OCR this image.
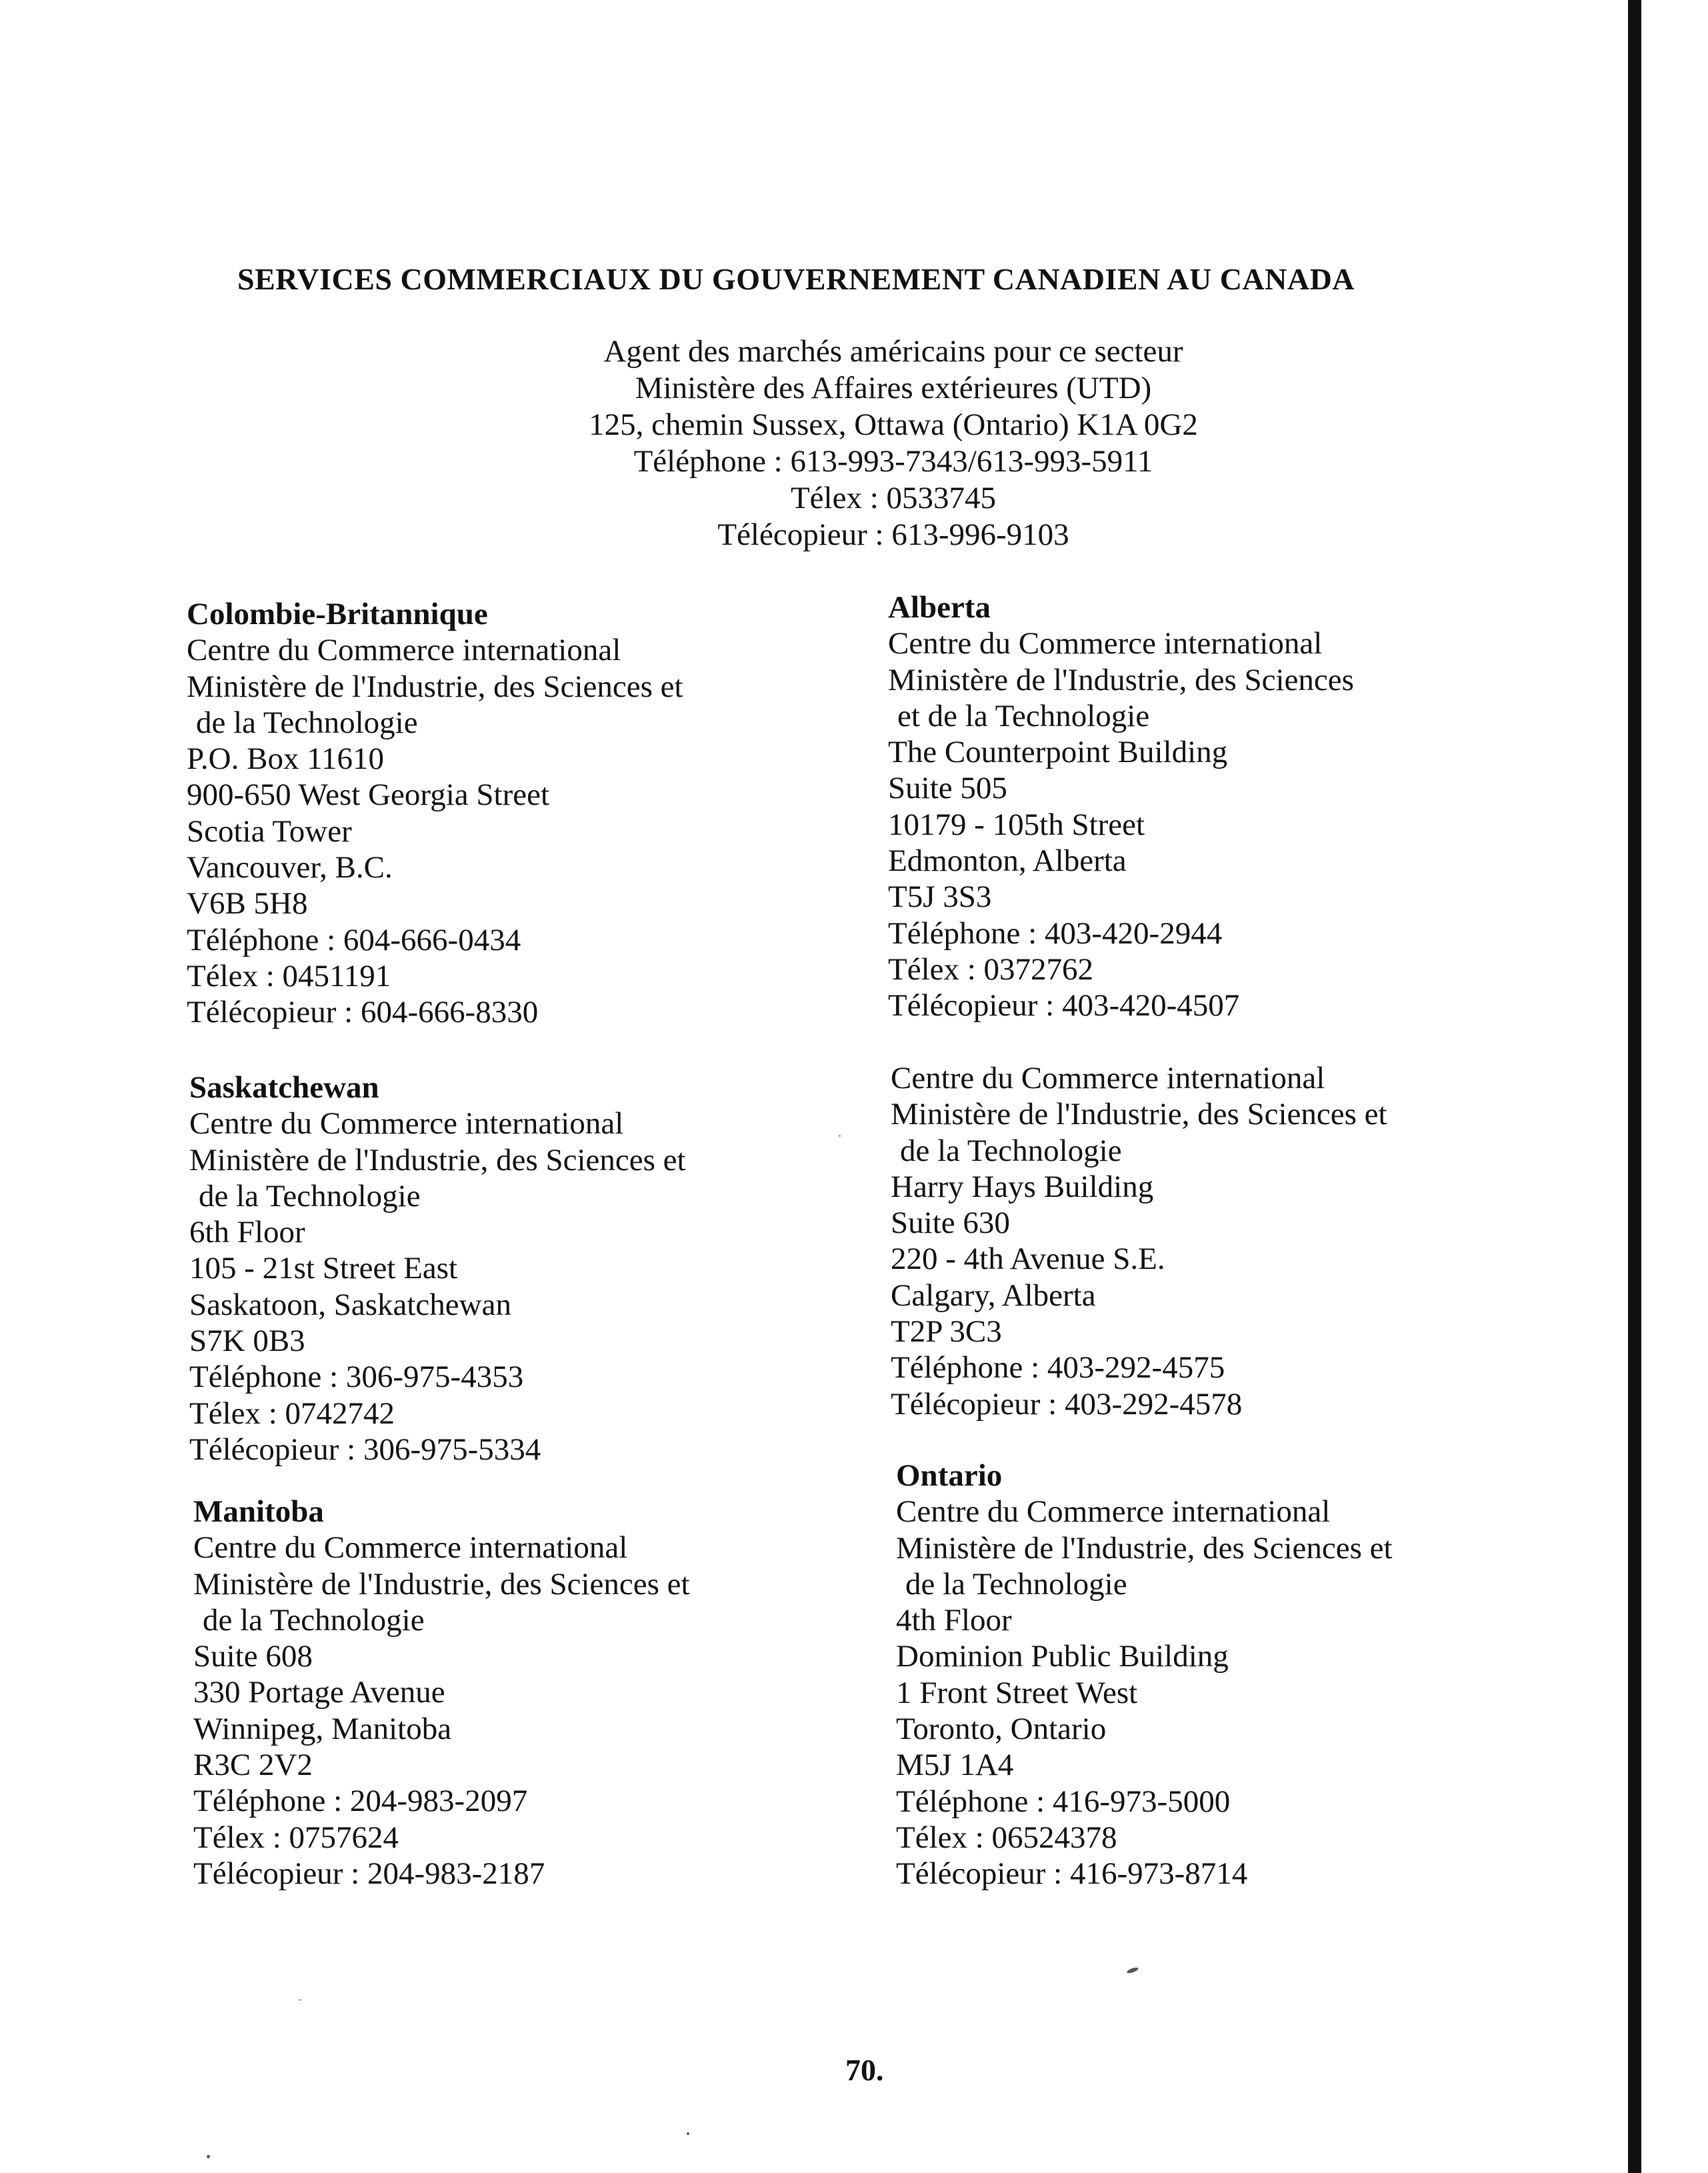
SERVICES COMMERCIAUX DU GOUVERNEMENT CANADIEN AU CANADA
Agent des marchés américains pour ce secteur
Ministère des Affaires extérieures (UTD)
125, chemin Sussex, Ottawa (Ontario) K1A 0G2
Téléphone : 613-993-7343/613-993-5911
Télex : 0533745
Télécopieur : 613-996-9103
Colombie-Britannique
Centre du Commerce international
Ministère de l'Industrie, des Sciences et
de la Technologie
P.O. Box 11610
900-650 West Georgia Street
Scotia Tower
Vancouver, B.C.
V6B 5H8
Téléphone : 604-666-0434
Télex : 0451191
Télécopieur : 604-666-8330
Saskatchewan
Centre du Commerce international
Ministère de l'Industrie, des Sciences et
de la Technologie
6th Floor
105 - 21st Street East
Saskatoon, Saskatchewan
S7K 0B3
Téléphone : 306-975-4353
Télex : 0742742
Télécopieur : 306-975-5334
Manitoba
Centre du Commerce international
Ministère de l'Industrie, des Sciences et
de la Technologie
Suite 608
330 Portage Avenue
Winnipeg, Manitoba
R3C 2V2
Téléphone : 204-983-2097
Télex : 0757624
Télécopieur : 204-983-2187
Alberta
Centre du Commerce international
Ministère de l'Industrie, des Sciences
et de la Technologie
The Counterpoint Building
Suite 505
10179 - 105th Street
Edmonton, Alberta
T5J 3S3
Téléphone : 403-420-2944
Télex : 0372762
Télécopieur : 403-420-4507
Centre du Commerce international
Ministère de l'Industrie, des Sciences et
de la Technologie
Harry Hays Building
Suite 630
220 - 4th Avenue S.E.
Calgary, Alberta
T2P 3C3
Téléphone : 403-292-4575
Télécopieur : 403-292-4578
Ontario
Centre du Commerce international
Ministère de l'Industrie, des Sciences et
de la Technologie
4th Floor
Dominion Public Building
1 Front Street West
Toronto, Ontario
M5J 1A4
Téléphone : 416-973-5000
Télex : 06524378
Télécopieur : 416-973-8714
70.
